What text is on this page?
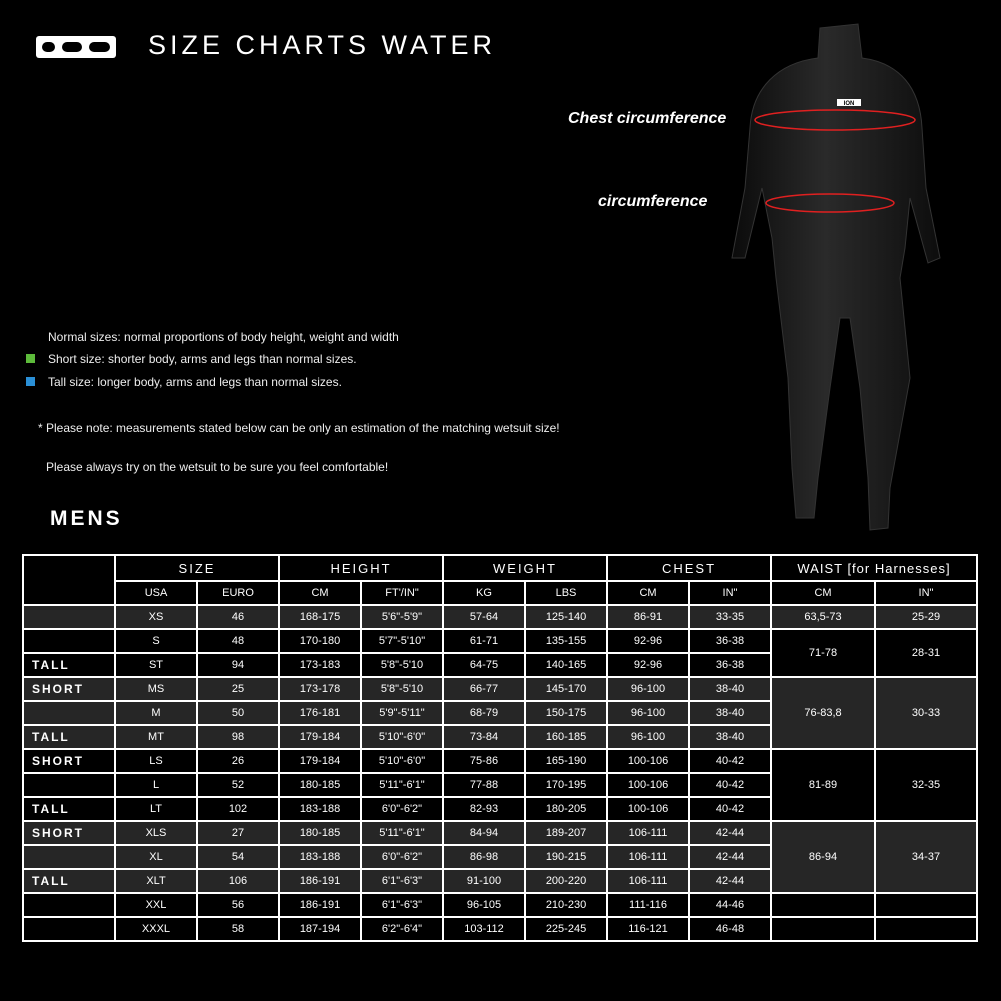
SIZE CHARTS WATER
ION
Chest circumference
circumference
Normal sizes: normal proportions of body height, weight and width
Short size: shorter body, arms and legs than normal sizes.
Tall size: longer body, arms and legs than normal sizes.
* Please note: measurements stated below can be only an estimation of the matching wetsuit size!
Please always try on the wetsuit to be sure you feel comfortable!
MENS
	SIZE		HEIGHT		WEIGHT		CHEST		WAIST [for Harnesses]	
	USA	EURO	CM	FT'/IN"	KG	LBS	CM	IN"	CM	IN"
	XS	46	168-175	5'6"-5'9"	57-64	125-140	86-91	33-35	63,5-73	25-29
	S	48	170-180	5'7"-5'10"	61-71	135-155	92-96	36-38	71-78	28-31
TALL	ST	94	173-183	5'8"-5'10	64-75	140-165	92-96	36-38		
SHORT	MS	25	173-178	5'8"-5'10	66-77	145-170	96-100	38-40	76-83,8	30-33
	M	50	176-181	5'9"-5'11"	68-79	150-175	96-100	38-40		
TALL	MT	98	179-184	5'10"-6'0"	73-84	160-185	96-100	38-40		
SHORT	LS	26	179-184	5'10"-6'0"	75-86	165-190	100-106	40-42	81-89	32-35
	L	52	180-185	5'11"-6'1"	77-88	170-195	100-106	40-42		
TALL	LT	102	183-188	6'0"-6'2"	82-93	180-205	100-106	40-42		
SHORT	XLS	27	180-185	5'11"-6'1"	84-94	189-207	106-111	42-44	86-94	34-37
	XL	54	183-188	6'0"-6'2"	86-98	190-215	106-111	42-44		
TALL	XLT	106	186-191	6'1"-6'3"	91-100	200-220	106-111	42-44		
	XXL	56	186-191	6'1"-6'3"	96-105	210-230	111-116	44-46		
	XXXL	58	187-194	6'2"-6'4"	103-112	225-245	116-121	46-48		
